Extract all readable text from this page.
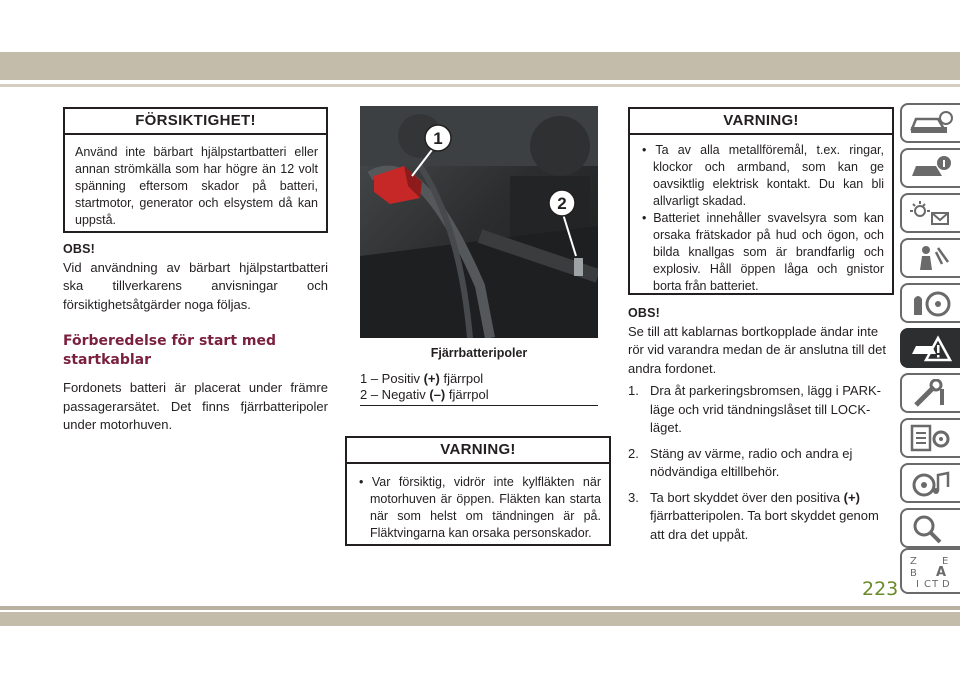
FÖRSIKTIGHET!

Använd inte bärbart hjälpstartbatteri eller annan strömkälla som har högre än 12 volt spänning eftersom skador på batteri, startmotor, generator och elsystem då kan uppstå.

OBS!

Vid användning av bärbart hjälpstartbatteri ska tillverkarens anvisningar och försiktighetsåtgärder noga följas.

Förberedelse för start med startkablar

Fordonets batteri är placerat under främre passagerarsätet. Det finns fjärrbatteripoler under motorhuven.

1
2
Fjärrbatteripoler
1 – Positiv (+) fjärrpol
2 – Negativ (–) fjärrpol
VARNING!
• Var försiktig, vidrör inte kylfläkten när motorhuven är öppen. Fläkten kan starta när som helst om tändningen är på. Fläktvingarna kan orsaka personskador.
VARNING!
• Ta av alla metallföremål, t.ex. ringar, klockor och armband, som kan ge oavsiktlig elektrisk kontakt. Du kan bli allvarligt skadad.
• Batteriet innehåller svavelsyra som kan orsaka frätskador på hud och ögon, och bilda knallgas som är brandfarlig och explosiv. Håll öppen låga och gnistor borta från batteriet.
OBS!

Se till att kablarnas bortkopplade ändar inte rör vid varandra medan de är anslutna till det andra fordonet.

1. Dra åt parkeringsbromsen, lägg i PARK-läge och vrid tändningslåset till LOCK-läget.
2. Stäng av värme, radio och andra ej nödvändiga eltillbehör.
3. Ta bort skyddet över den positiva (+) fjärrbatteripolen. Ta bort skyddet genom att dra det uppåt.
Z	E
B A
I C T D
223
